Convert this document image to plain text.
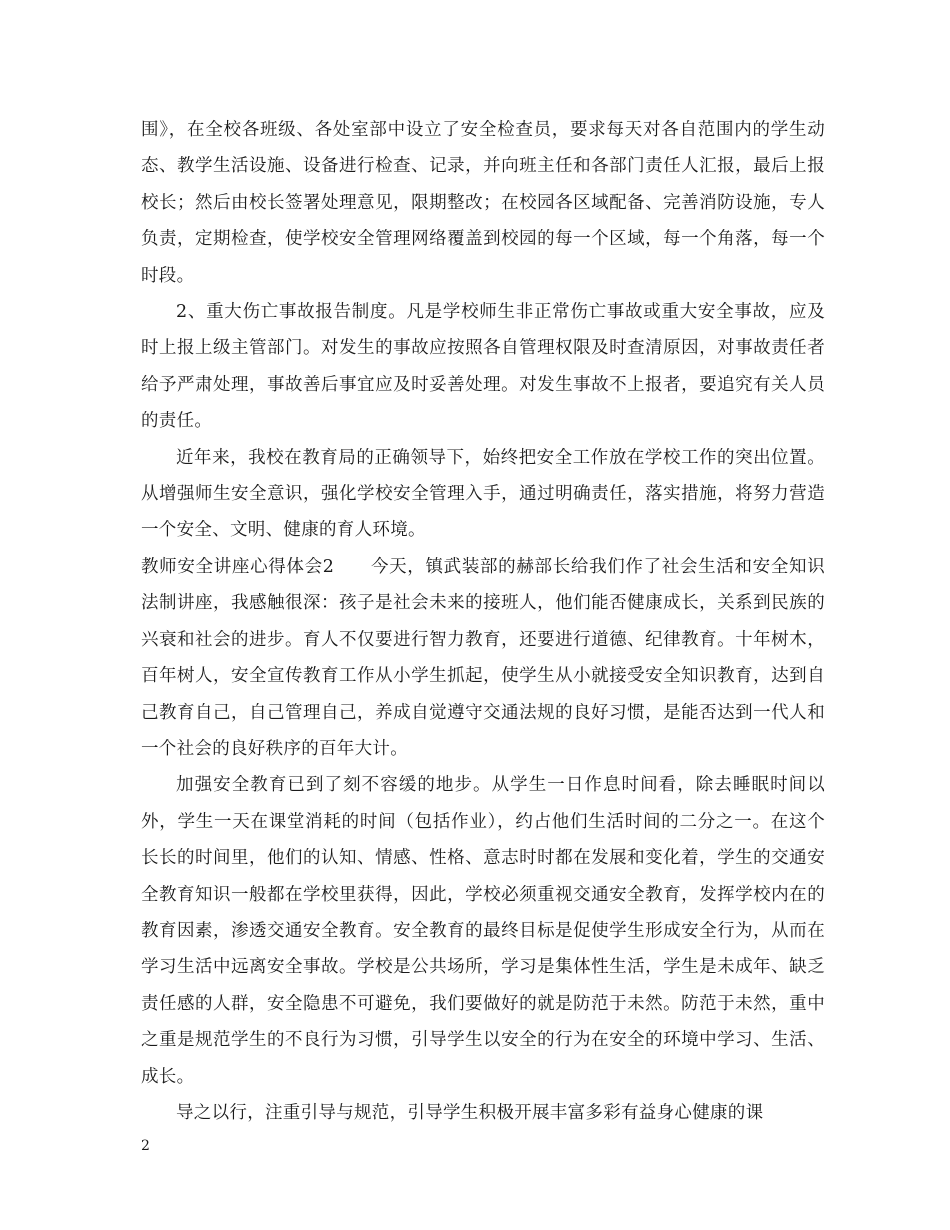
围》，在全校各班级、各处室部中设立了安全检查员，要求每天对各自范围内的学生动态、教学生活设施、设备进行检查、记录，并向班主任和各部门责任人汇报，最后上报校长；然后由校长签署处理意见，限期整改；在校园各区域配备、完善消防设施，专人负责，定期检查，使学校安全管理网络覆盖到校园的每一个区域，每一个角落，每一个时段。

2、重大伤亡事故报告制度。凡是学校师生非正常伤亡事故或重大安全事故，应及时上报上级主管部门。对发生的事故应按照各自管理权限及时查清原因，对事故责任者给予严肃处理，事故善后事宜应及时妥善处理。对发生事故不上报者，要追究有关人员的责任。

近年来，我校在教育局的正确领导下，始终把安全工作放在学校工作的突出位置。从增强师生安全意识，强化学校安全管理入手，通过明确责任，落实措施，将努力营造一个安全、文明、健康的育人环境。

教师安全讲座心得体会2　　今天，镇武装部的赫部长给我们作了社会生活和安全知识法制讲座，我感触很深：孩子是社会未来的接班人，他们能否健康成长，关系到民族的兴衰和社会的进步。育人不仅要进行智力教育，还要进行道德、纪律教育。十年树木，百年树人，安全宣传教育工作从小学生抓起，使学生从小就接受安全知识教育，达到自己教育自己，自己管理自己，养成自觉遵守交通法规的良好习惯，是能否达到一代人和一个社会的良好秩序的百年大计。

加强安全教育已到了刻不容缓的地步。从学生一日作息时间看，除去睡眠时间以外，学生一天在课堂消耗的时间（包括作业），约占他们生活时间的二分之一。在这个长长的时间里，他们的认知、情感、性格、意志时时都在发展和变化着，学生的交通安全教育知识一般都在学校里获得，因此，学校必须重视交通安全教育，发挥学校内在的教育因素，渗透交通安全教育。安全教育的最终目标是促使学生形成安全行为，从而在学习生活中远离安全事故。学校是公共场所，学习是集体性生活，学生是未成年、缺乏责任感的人群，安全隐患不可避免，我们要做好的就是防范于未然。防范于未然，重中之重是规范学生的不良行为习惯，引导学生以安全的行为在安全的环境中学习、生活、成长。

导之以行，注重引导与规范，引导学生积极开展丰富多彩有益身心健康的课

2
